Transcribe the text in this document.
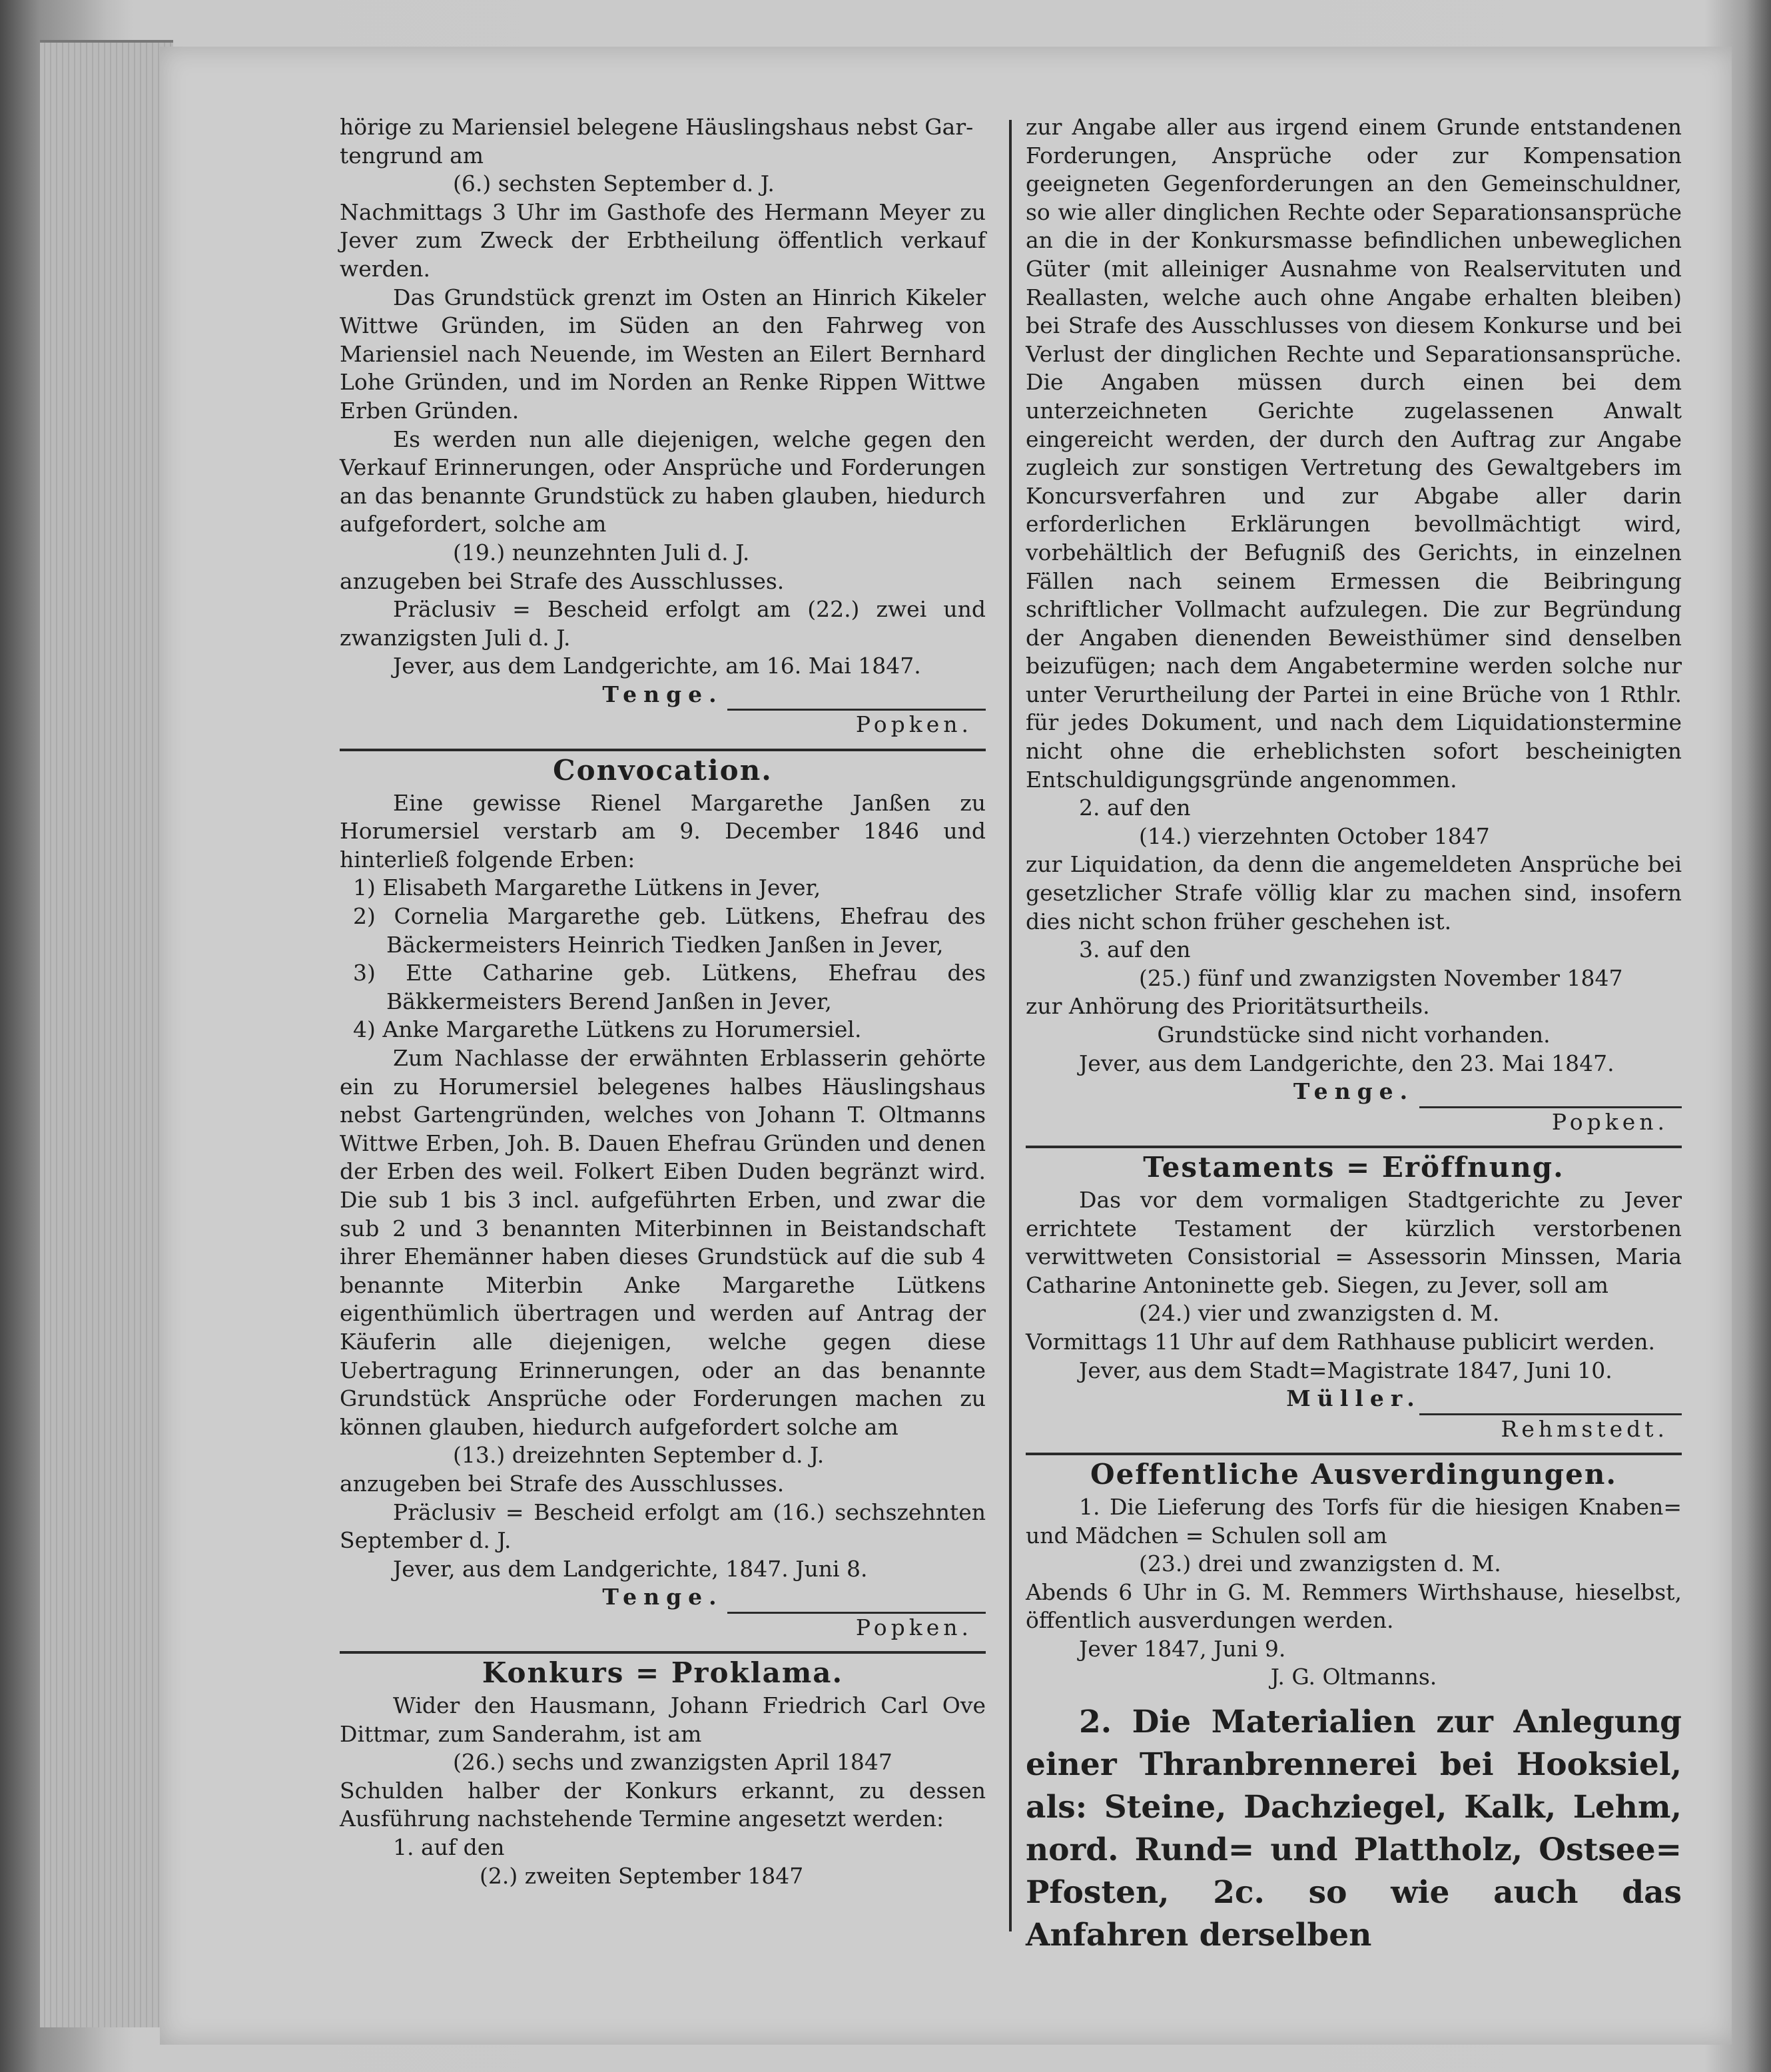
hörige zu Mariensiel belegene Häuslingshaus nebst Gar-

tengrund am

(6.) sechsten September d. J.

Nachmittags 3 Uhr im Gasthofe des Hermann Meyer zu Jever zum Zweck der Erbtheilung öffentlich verkauf werden.

Das Grundstück grenzt im Osten an Hinrich Kikeler Wittwe Gründen, im Süden an den Fahrweg von Mariensiel nach Neuende, im Westen an Eilert Bernhard Lohe Gründen, und im Norden an Renke Rippen Wittwe Erben Gründen.

Es werden nun alle diejenigen, welche gegen den Verkauf Erinnerungen, oder Ansprüche und Forderungen an das benannte Grundstück zu haben glauben, hiedurch aufgefordert, solche am

(19.) neunzehnten Juli d. J.

anzugeben bei Strafe des Ausschlusses.

Präclusiv = Bescheid erfolgt am (22.) zwei und zwanzigsten Juli d. J.

Jever, aus dem Landgerichte, am 16. Mai 1847.

Tenge.

Popken.

Convocation.

Eine gewisse Rienel Margarethe Janßen zu Horumersiel verstarb am 9. December 1846 und hinterließ folgende Erben:

1) Elisabeth Margarethe Lütkens in Jever,

2) Cornelia Margarethe geb. Lütkens, Ehefrau des Bäckermeisters Heinrich Tiedken Janßen in Jever,

3) Ette Catharine geb. Lütkens, Ehefrau des Bäkkermeisters Berend Janßen in Jever,

4) Anke Margarethe Lütkens zu Horumersiel.

Zum Nachlasse der erwähnten Erblasserin gehörte ein zu Horumersiel belegenes halbes Häuslingshaus nebst Gartengründen, welches von Johann T. Oltmanns Wittwe Erben, Joh. B. Dauen Ehefrau Gründen und denen der Erben des weil. Folkert Eiben Duden begränzt wird. Die sub 1 bis 3 incl. aufgeführten Erben, und zwar die sub 2 und 3 benannten Miterbinnen in Beistandschaft ihrer Ehemänner haben dieses Grundstück auf die sub 4 benannte Miterbin Anke Margarethe Lütkens eigenthümlich übertragen und werden auf Antrag der Käuferin alle diejenigen, welche gegen diese Uebertragung Erinnerungen, oder an das benannte Grundstück Ansprüche oder Forderungen machen zu können glauben, hiedurch aufgefordert solche am

(13.) dreizehnten September d. J.

anzugeben bei Strafe des Ausschlusses.

Präclusiv = Bescheid erfolgt am (16.) sechszehnten September d. J.

Jever, aus dem Landgerichte, 1847. Juni 8.

Tenge.

Popken.

Konkurs = Proklama.

Wider den Hausmann, Johann Friedrich Carl Ove Dittmar, zum Sanderahm, ist am

(26.) sechs und zwanzigsten April 1847

Schulden halber der Konkurs erkannt, zu dessen Ausführung nachstehende Termine angesetzt werden:

1. auf den

(2.) zweiten September 1847

zur Angabe aller aus irgend einem Grunde entstandenen Forderungen, Ansprüche oder zur Kompensation geeigneten Gegenforderungen an den Gemeinschuldner, so wie aller dinglichen Rechte oder Separationsansprüche an die in der Konkursmasse befindlichen unbeweglichen Güter (mit alleiniger Ausnahme von Realservituten und Reallasten, welche auch ohne Angabe erhalten bleiben) bei Strafe des Ausschlusses von diesem Konkurse und bei Verlust der dinglichen Rechte und Separationsansprüche. Die Angaben müssen durch einen bei dem unterzeichneten Gerichte zugelassenen Anwalt eingereicht werden, der durch den Auftrag zur Angabe zugleich zur sonstigen Vertretung des Gewaltgebers im Koncursverfahren und zur Abgabe aller darin erforderlichen Erklärungen bevollmächtigt wird, vorbehältlich der Befugniß des Gerichts, in einzelnen Fällen nach seinem Ermessen die Beibringung schriftlicher Vollmacht aufzulegen. Die zur Begründung der Angaben dienenden Beweisthümer sind denselben beizufügen; nach dem Angabetermine werden solche nur unter Verurtheilung der Partei in eine Brüche von 1 Rthlr. für jedes Dokument, und nach dem Liquidationstermine nicht ohne die erheblichsten sofort bescheinigten Entschuldigungsgründe angenommen.

2. auf den

(14.) vierzehnten October 1847

zur Liquidation, da denn die angemeldeten Ansprüche bei gesetzlicher Strafe völlig klar zu machen sind, insofern dies nicht schon früher geschehen ist.

3. auf den

(25.) fünf und zwanzigsten November 1847

zur Anhörung des Prioritätsurtheils.

Grundstücke sind nicht vorhanden.

Jever, aus dem Landgerichte, den 23. Mai 1847.

Tenge.

Popken.

Testaments = Eröffnung.

Das vor dem vormaligen Stadtgerichte zu Jever errichtete Testament der kürzlich verstorbenen verwittweten Consistorial = Assessorin Minssen, Maria Catharine Antoninette geb. Siegen, zu Jever, soll am

(24.) vier und zwanzigsten d. M.

Vormittags 11 Uhr auf dem Rathhause publicirt werden.

Jever, aus dem Stadt=Magistrate 1847, Juni 10.

Müller.

Rehmstedt.

Oeffentliche Ausverdingungen.

1. Die Lieferung des Torfs für die hiesigen Knaben= und Mädchen = Schulen soll am

(23.) drei und zwanzigsten d. M.

Abends 6 Uhr in G. M. Remmers Wirthshause, hieselbst, öffentlich ausverdungen werden.

Jever 1847, Juni 9.

J. G. Oltmanns.

2. Die Materialien zur Anlegung einer Thranbrennerei bei Hooksiel, als: Steine, Dachziegel, Kalk, Lehm, nord. Rund= und Plattholz, Ostsee= Pfosten, 2c. so wie auch das Anfahren derselben
